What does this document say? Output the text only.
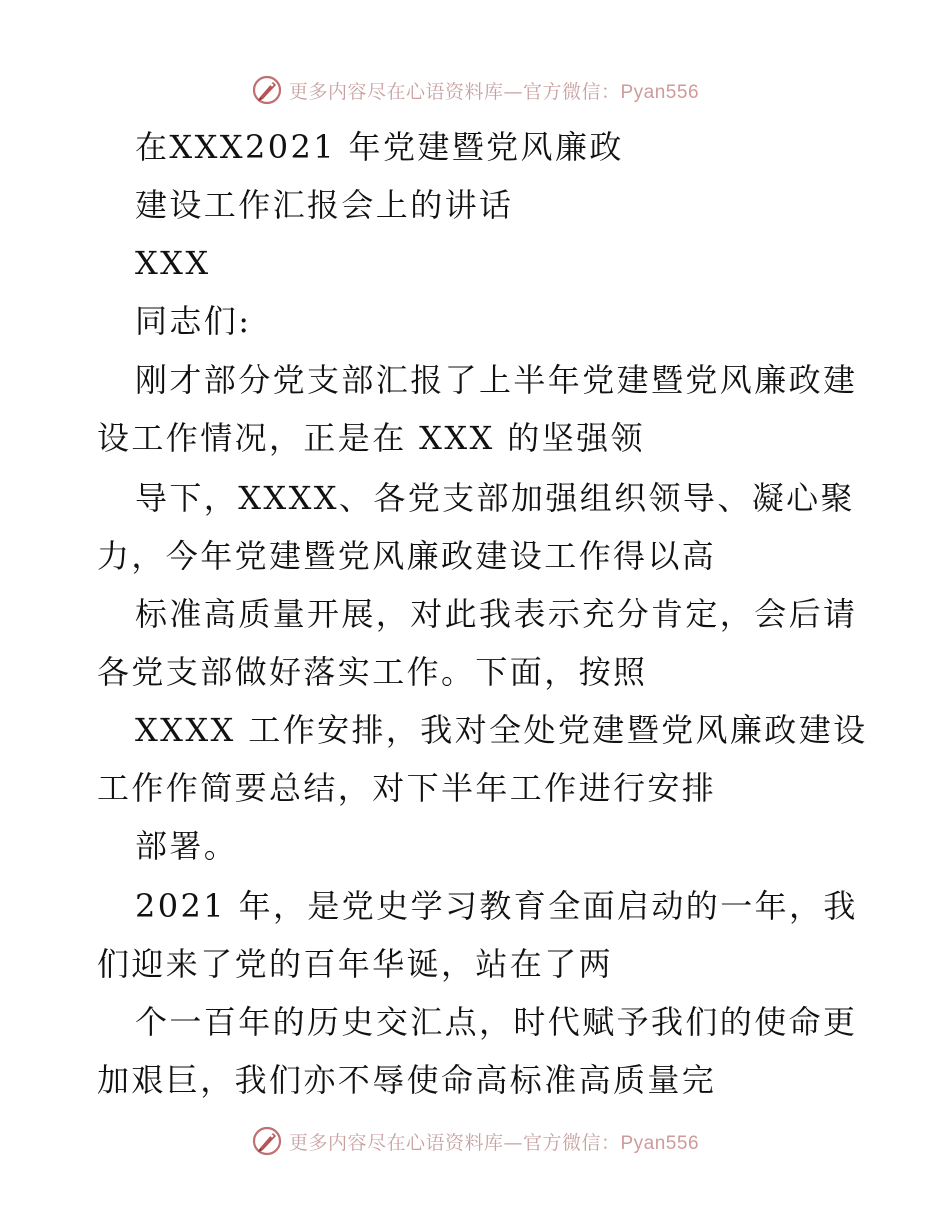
更多内容尽在心语资料库—官方微信：Pyan556
在XXX2021 年党建暨党风廉政
建设工作汇报会上的讲话
XXX
同志们:
刚才部分党支部汇报了上半年党建暨党风廉政建
设工作情况，正是在 XXX 的坚强领
导下，XXXX、各党支部加强组织领导、凝心聚
力，今年党建暨党风廉政建设工作得以高
标准高质量开展，对此我表示充分肯定，会后请
各党支部做好落实工作。下面，按照
XXXX 工作安排，我对全处党建暨党风廉政建设
工作作简要总结，对下半年工作进行安排
部署。
2021 年，是党史学习教育全面启动的一年，我
们迎来了党的百年华诞，站在了两
个一百年的历史交汇点，时代赋予我们的使命更
加艰巨，我们亦不辱使命高标准高质量完
更多内容尽在心语资料库—官方微信：Pyan556
